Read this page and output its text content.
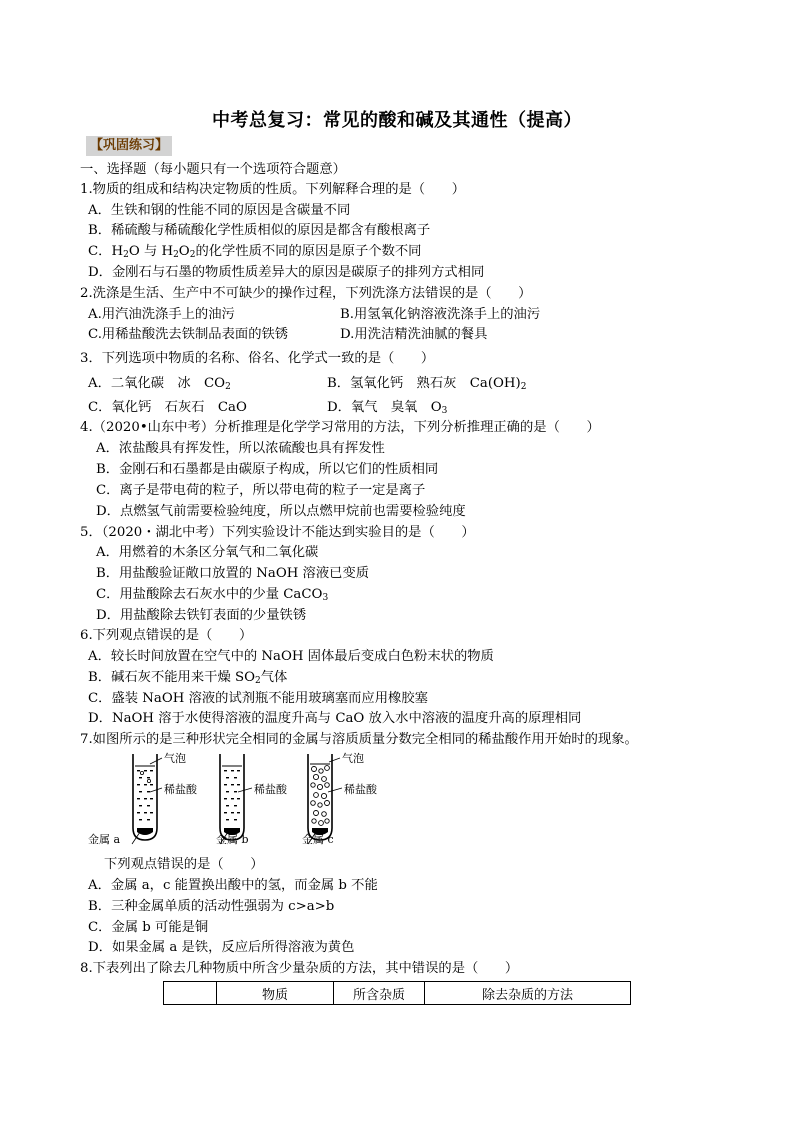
中考总复习：常见的酸和碱及其通性（提高）
【巩固练习】
一、选择题（每小题只有一个选项符合题意）
1.物质的组成和结构决定物质的性质。下列解释合理的是（　　）
A．生铁和钢的性能不同的原因是含碳量不同
B．稀硫酸与稀硫酸化学性质相似的原因是都含有酸根离子
C．$H_2O$ 与 $H_2O_2$的化学性质不同的原因是原子个数不同
D．金刚石与石墨的物质性质差异大的原因是碳原子的排列方式相同
2.洗涤是生活、生产中不可缺少的操作过程，下列洗涤方法错误的是（　　）
A.用汽油洗涤手上的油污	B.用氢氧化钠溶液洗涤手上的油污
C.用稀盐酸洗去铁制品表面的铁锈	D.用洗洁精洗油腻的餐具
3．下列选项中物质的名称、俗名、化学式一致的是（　　）
A．二氧化碳　冰　$CO_2$	B．氢氧化钙　熟石灰　$Ca(OH)_2$
C．氧化钙　石灰石　CaO	D．氧气　臭氧　$O_3$
4.（2020•山东中考）分析推理是化学学习常用的方法，下列分析推理正确的是（　　）
A．浓盐酸具有挥发性，所以浓硫酸也具有挥发性
B．金刚石和石墨都是由碳原子构成，所以它们的性质相同
C．离子是带电荷的粒子，所以带电荷的粒子一定是离子
D．点燃氢气前需要检验纯度，所以点燃甲烷前也需要检验纯度
5．（2020・湖北中考）下列实验设计不能达到实验目的是（　　）
A．用燃着的木条区分氧气和二氧化碳
B．用盐酸验证敞口放置的 NaOH 溶液已变质
C．用盐酸除去石灰水中的少量 CaCO$_3$
D．用盐酸除去铁钉表面的少量铁锈
6.下列观点错误的是（　　）
A．较长时间放置在空气中的 NaOH 固体最后变成白色粉末状的物质
B．碱石灰不能用来干燥 $SO_2$气体
C．盛装 NaOH 溶液的试剂瓶不能用玻璃塞而应用橡胶塞
D．NaOH 溶于水使得溶液的温度升高与 CaO 放入水中溶液的温度升高的原理相同
7.如图所示的是三种形状完全相同的金属与溶质质量分数完全相同的稀盐酸作用开始时的现象。
气泡
稀盐酸	稀盐酸
气泡
稀盐酸
金属 a	金属 b	金属 c
下列观点错误的是（　　）
A．金属 a，c 能置换出酸中的氢，而金属 b 不能
B．三种金属单质的活动性强弱为 c>a>b
C．金属 b 可能是铜
D．如果金属 a 是铁，反应后所得溶液为黄色
8.下表列出了除去几种物质中所含少量杂质的方法，其中错误的是（　　）
	物质	所含杂质	除去杂质的方法
